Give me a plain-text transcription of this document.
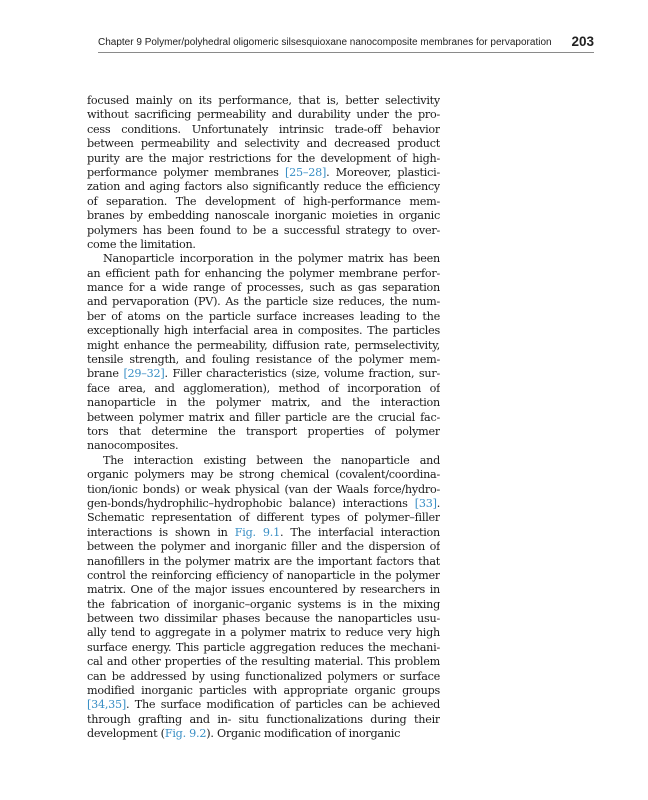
Chapter 9 Polymer/polyhedral oligomeric silsesquioxane nanocomposite membranes for pervaporation 203
focused mainly on its performance, that is, better selectivity
without sacrificing permeability and durability under the pro-
cess conditions. Unfortunately intrinsic trade-off behavior
between permeability and selectivity and decreased product
purity are the major restrictions for the development of high-
performance polymer membranes [25–28]. Moreover, plastici-
zation and aging factors also significantly reduce the efficiency
of separation. The development of high-performance mem-
branes by embedding nanoscale inorganic moieties in organic
polymers has been found to be a successful strategy to over-
come the limitation.
Nanoparticle incorporation in the polymer matrix has been
an efficient path for enhancing the polymer membrane perfor-
mance for a wide range of processes, such as gas separation
and pervaporation (PV). As the particle size reduces, the num-
ber of atoms on the particle surface increases leading to the
exceptionally high interfacial area in composites. The particles
might enhance the permeability, diffusion rate, permselectivity,
tensile strength, and fouling resistance of the polymer mem-
brane [29–32]. Filler characteristics (size, volume fraction, sur-
face area, and agglomeration), method of incorporation of
nanoparticle in the polymer matrix, and the interaction
between polymer matrix and filler particle are the crucial fac-
tors that determine the transport properties of polymer
nanocomposites.
The interaction existing between the nanoparticle and
organic polymers may be strong chemical (covalent/coordina-
tion/ionic bonds) or weak physical (van der Waals force/hydro-
gen-bonds/hydrophilic–hydrophobic balance) interactions [33].
Schematic representation of different types of polymer–filler
interactions is shown in Fig. 9.1. The interfacial interaction
between the polymer and inorganic filler and the dispersion of
nanofillers in the polymer matrix are the important factors that
control the reinforcing efficiency of nanoparticle in the polymer
matrix. One of the major issues encountered by researchers in
the fabrication of inorganic–organic systems is in the mixing
between two dissimilar phases because the nanoparticles usu-
ally tend to aggregate in a polymer matrix to reduce very high
surface energy. This particle aggregation reduces the mechani-
cal and other properties of the resulting material. This problem
can be addressed by using functionalized polymers or surface
modified inorganic particles with appropriate organic groups
[34,35]. The surface modification of particles can be achieved
through grafting and in- situ functionalizations during their
development (Fig. 9.2). Organic modification of inorganic
